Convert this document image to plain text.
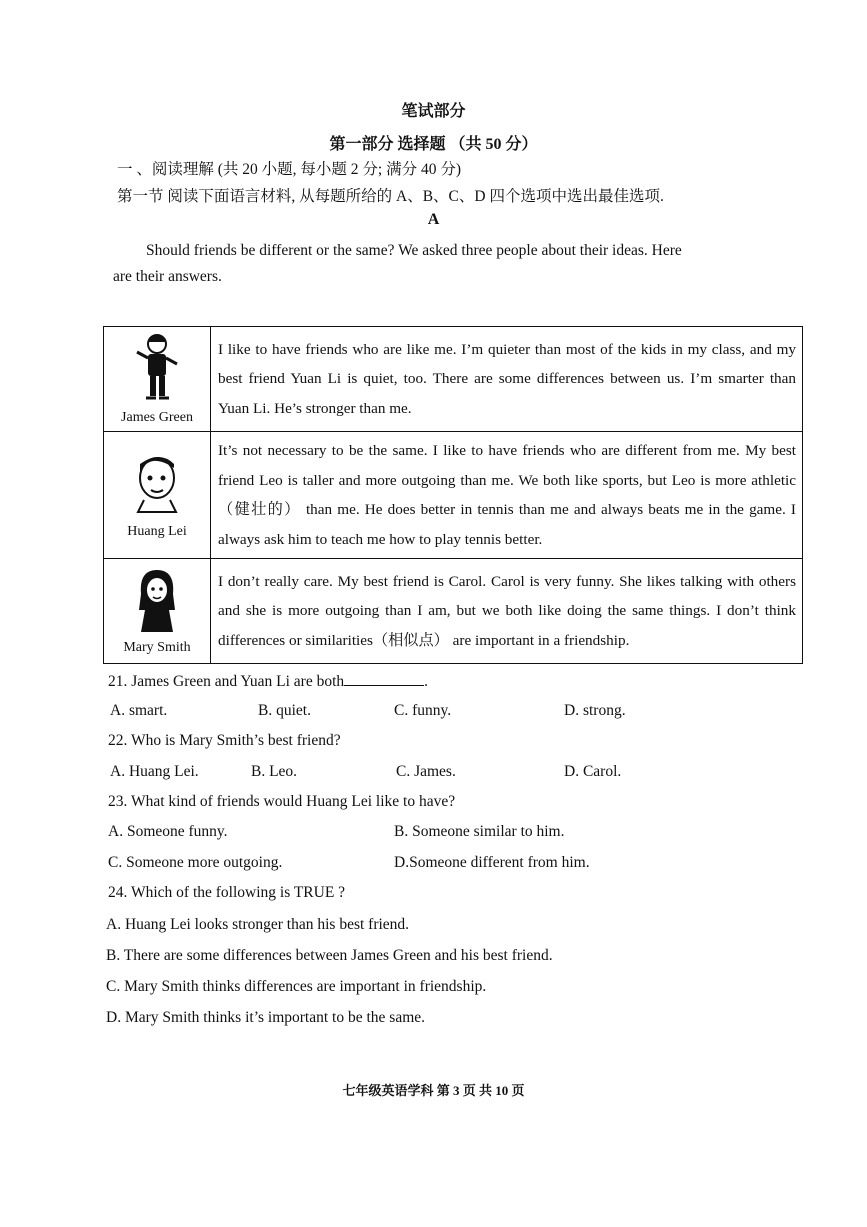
笔试部分
第一部分 选择题 （共 50 分）
一 、阅读理解 (共 20 小题, 每小题 2 分; 满分 40 分)
第一节 阅读下面语言材料, 从每题所给的 A、B、C、D 四个选项中选出最佳选项.
A
Should friends be different or the same? We asked three people about their ideas. Here
are their answers.
James Green	I like to have friends who are like me. I’m quieter than most of the kids in my class, and my best friend Yuan Li is quiet, too. There are some differences between us. I’m smarter than Yuan Li. He’s stronger than me.

Huang Lei	It’s not necessary to be the same. I like to have friends who are different from me. My best friend Leo is taller and more outgoing than me. We both like sports, but Leo is more athletic（健壮的） than me. He does better in tennis than me and always beats me in the game. I always ask him to teach me how to play tennis better.

Mary Smith	I don’t really care. My best friend is Carol. Carol is very funny. She likes talking with others and she is more outgoing than I am, but we both like doing the same things. I don’t think differences or similarities（相似点） are important in a friendship.
21. James Green and Yuan Li are both	.
A. smart.	B. quiet.	C. funny.	D. strong.
22. Who is Mary Smith’s best friend?
A. Huang Lei.	B. Leo.	C. James.	D. Carol.
23. What kind of friends would Huang Lei like to have?
A. Someone funny.	B. Someone similar to him.
C. Someone more outgoing.	D.Someone different from him.
24. Which of the following is TRUE ?
A. Huang Lei looks stronger than his best friend.
B. There are some differences between James Green and his best friend.
C. Mary Smith thinks differences are important in friendship.
D. Mary Smith thinks it’s important to be the same.
七年级英语学科 第 3 页 共 10 页
